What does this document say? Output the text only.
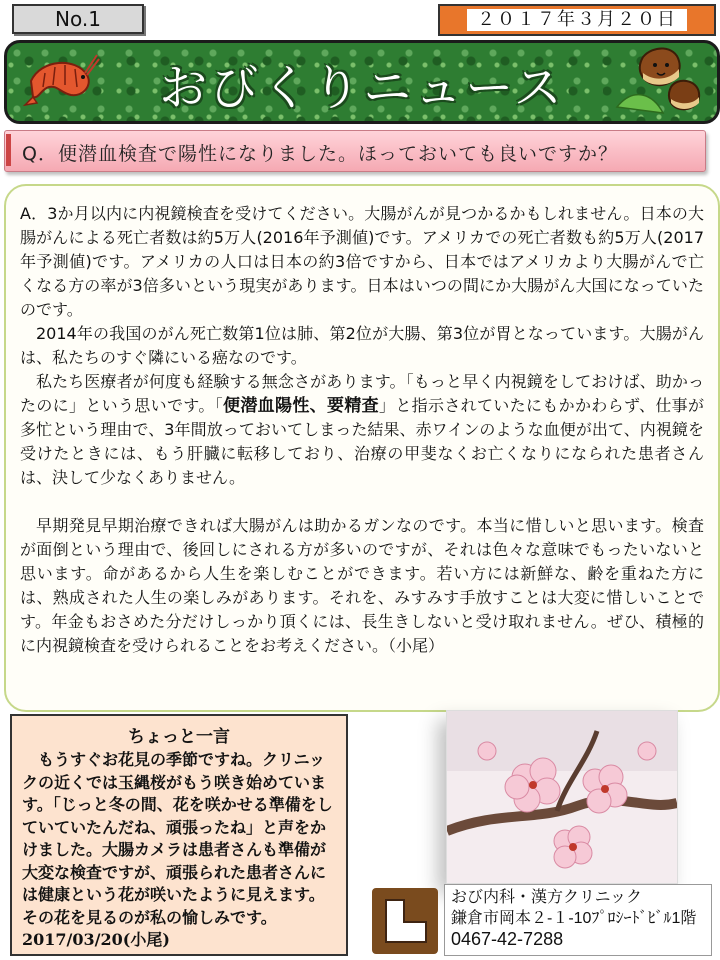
No.1	２０１７年３月２０日
おびくりニュース
Q．便潜血検査で陽性になりました。ほっておいても良いですか？

A．3か月以内に内視鏡検査を受けてください。大腸がんが見つかるかもしれません。日本の大腸がんによる死亡者数は約5万人(2016年予測値)です。アメリカでの死亡者数も約5万人(2017年予測値)です。アメリカの人口は日本の約3倍ですから、日本ではアメリカより大腸がんで亡くなる方の率が3倍多いという現実があります。日本はいつの間にか大腸がん大国になっていたのです。

2014年の我国のがん死亡数第1位は肺、第2位が大腸、第3位が胃となっています。大腸がんは、私たちのすぐ隣にいる癌なのです。

私たち医療者が何度も経験する無念さがあります。「もっと早く内視鏡をしておけば、助かったのに」という思いです。「便潜血陽性、要精査」と指示されていたにもかかわらず、仕事が多忙という理由で、3年間放っておいてしまった結果、赤ワインのような血便が出て、内視鏡を受けたときには、もう肝臓に転移しており、治療の甲斐なくお亡くなりになられた患者さんは、決して少なくありません。

早期発見早期治療できれば大腸がんは助かるガンなのです。本当に惜しいと思います。検査が面倒という理由で、後回しにされる方が多いのですが、それは色々な意味でもったいないと思います。命があるから人生を楽しむことができます。若い方には新鮮な、齢を重ねた方には、熟成された人生の楽しみがあります。それを、みすみす手放すことは大変に惜しいことです。年金もおさめた分だけしっかり頂くには、長生きしないと受け取れません。ぜひ、積極的に内視鏡検査を受けられることをお考えください。（小尾）

ちょっと一言
もうすぐお花見の季節ですね。クリニックの近くでは玉縄桜がもう咲き始めています。「じっと冬の間、花を咲かせる準備をしていていたんだね、頑張ったね」と声をかけました。大腸カメラは患者さんも準備が大変な検査ですが、頑張られた患者さんには健康という花が咲いたように見えます。その花を見るのが私の愉しみです。2017/03/20(小尾)
おび内科・漢方クリニック
鎌倉市岡本２-１-10ﾌﾟﾛｼｰﾄﾞﾋﾞﾙ1階
0467-42-7288
